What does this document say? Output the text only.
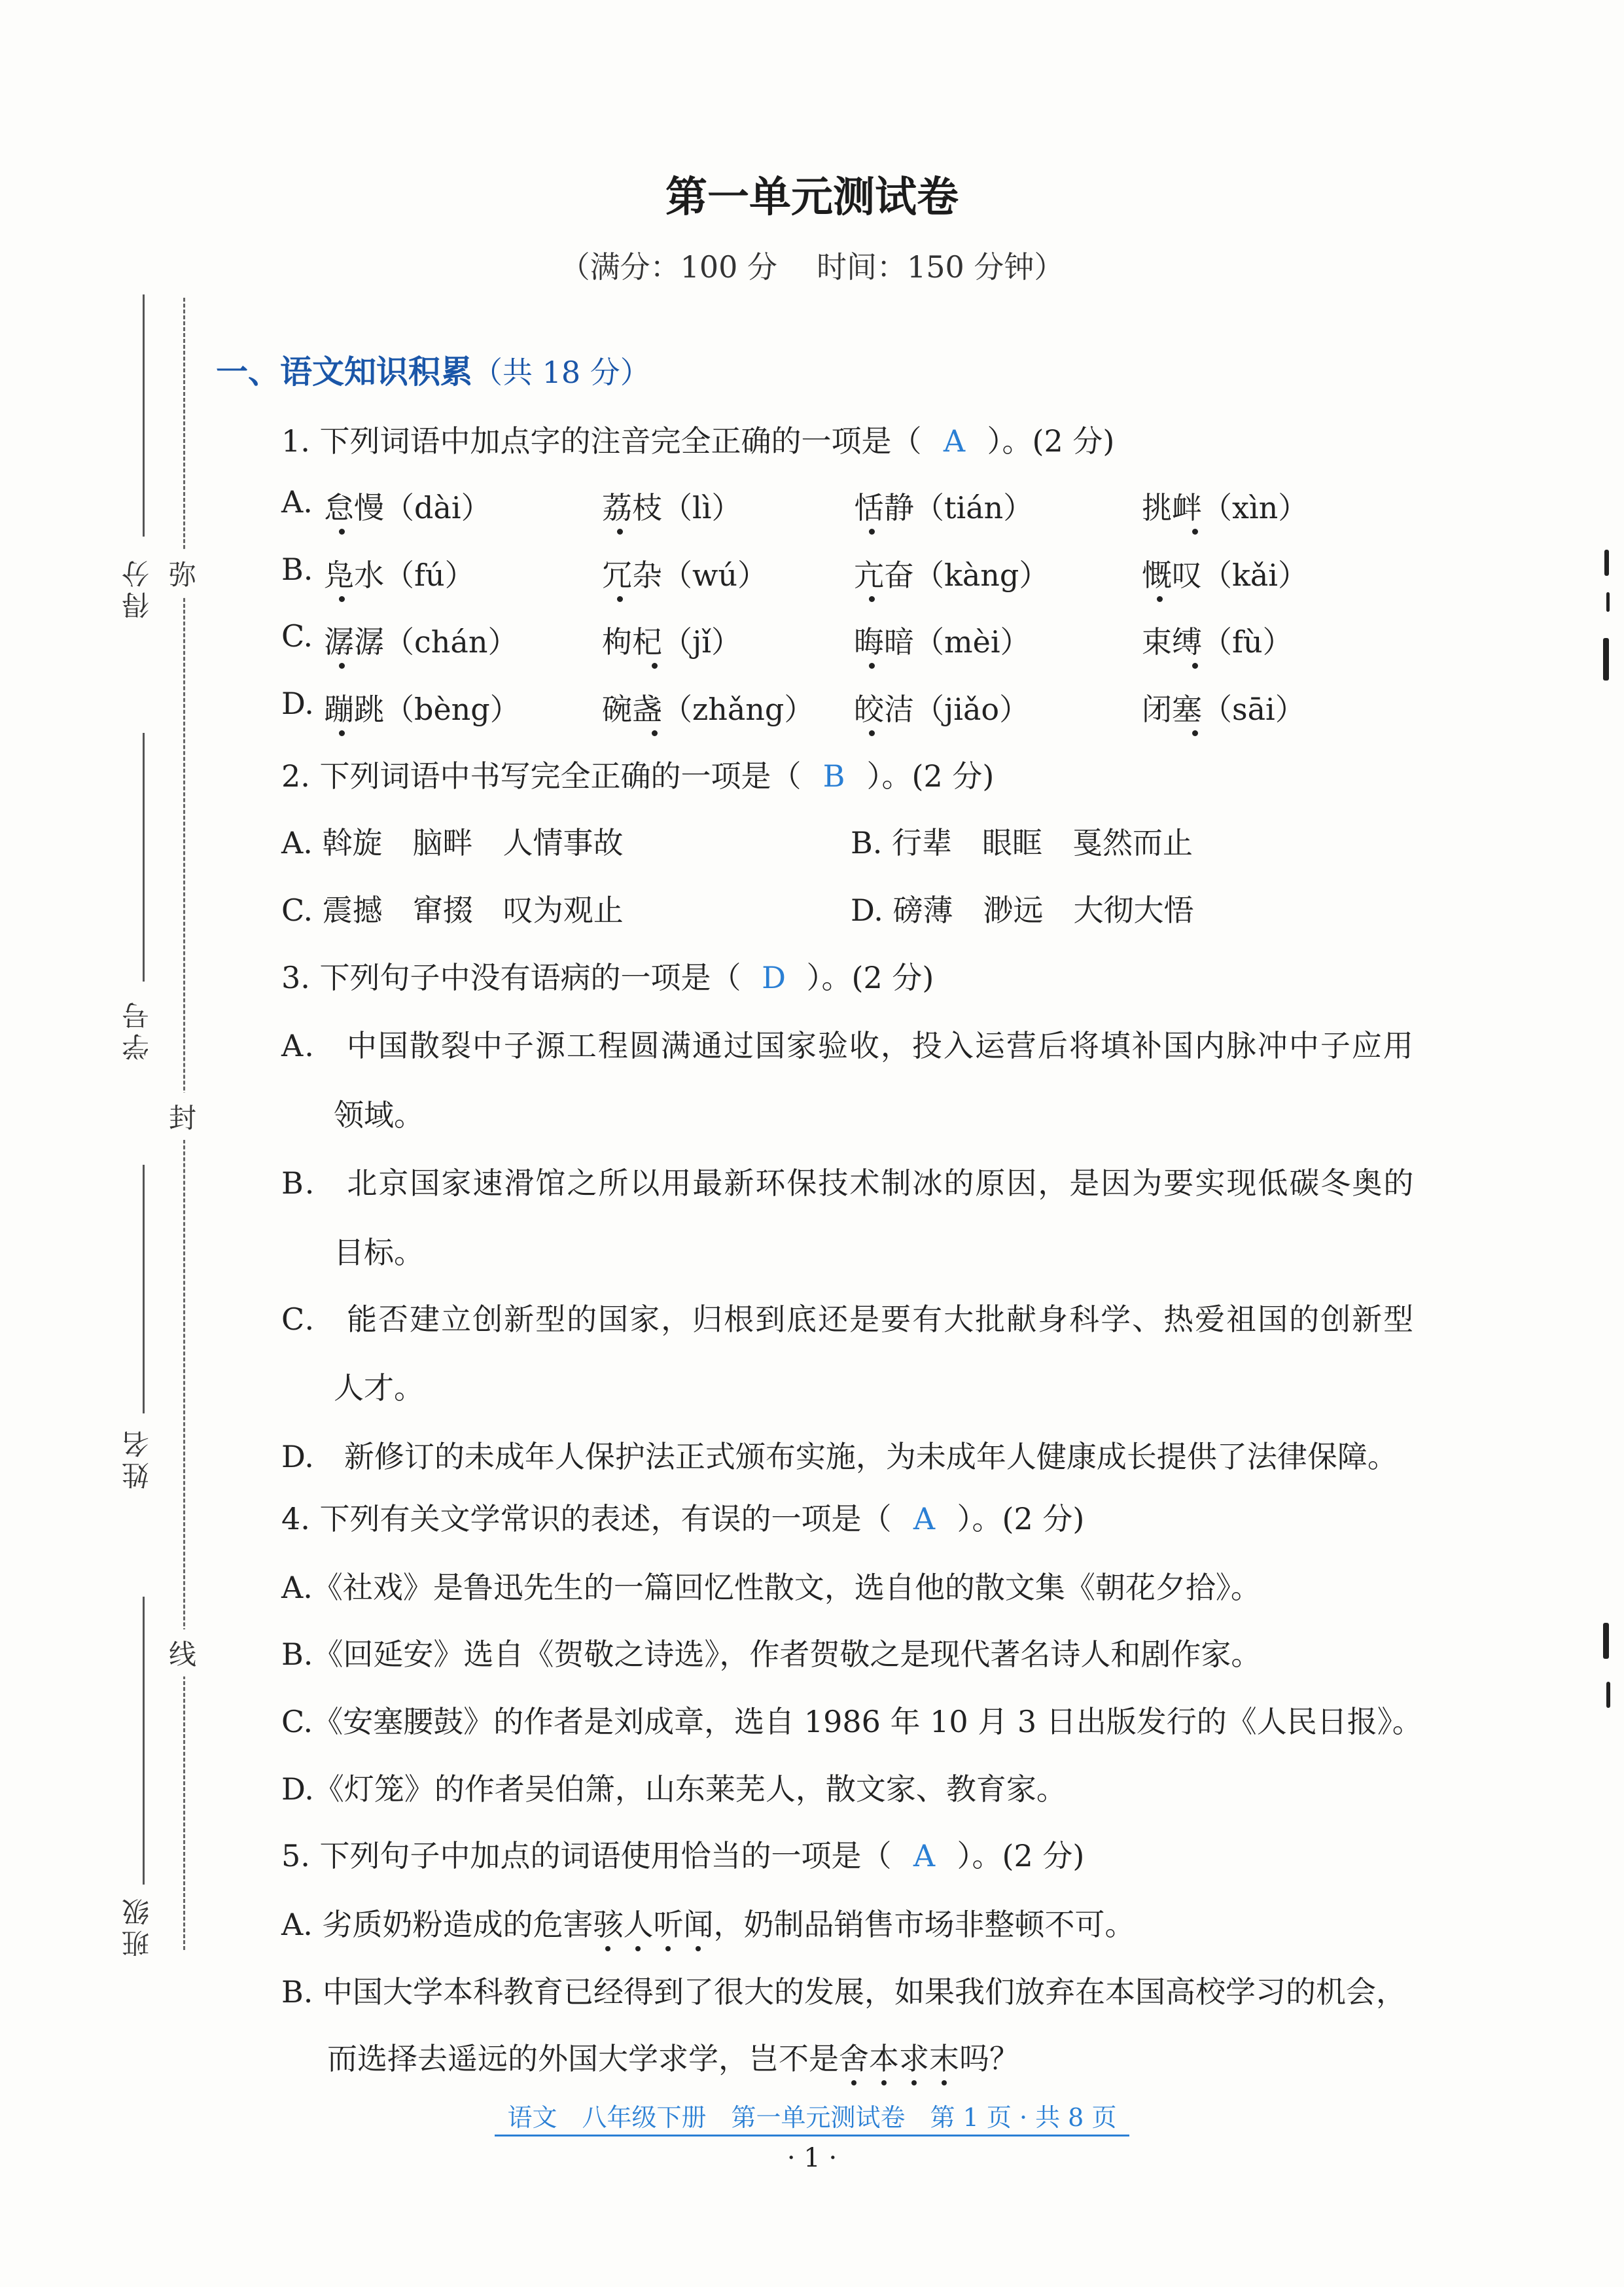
第一单元测试卷
（满分：100 分 时间：150 分钟）
得分
学号
姓名
班级
弥
封
线
一、语文知识积累（共 18 分）
1. 下列词语中加点字的注音完全正确的一项是（ A ）。(2 分)
A. 怠慢（dài）	荔枝（lì）	恬静（tián）	挑衅（xìn）
B. 凫水（fú）	冗杂（wú）	亢奋（kàng）	慨叹（kǎi）
C. 潺潺（chán）	枸杞（jǐ）	晦暗（mèi）	束缚（fù）
D. 蹦跳（bèng）	碗盏（zhǎng） 皎洁（jiǎo）	闭塞（sāi）
2. 下列词语中书写完全正确的一项是（ B ）。(2 分)
A. 斡旋　脑畔　人情事故	B. 行辈　眼眶　戛然而止
C. 震撼　窜掇　叹为观止	D. 磅薄　渺远　大彻大悟
3. 下列句子中没有语病的一项是（ D ）。(2 分)
A.　中国散裂中子源工程圆满通过国家验收，投入运营后将填补国内脉冲中子应用
领域。
B.　北京国家速滑馆之所以用最新环保技术制冰的原因，是因为要实现低碳冬奥的
目标。
C.　能否建立创新型的国家，归根到底还是要有大批献身科学、热爱祖国的创新型
人才。
D.　新修订的未成年人保护法正式颁布实施，为未成年人健康成长提供了法律保障。
4. 下列有关文学常识的表述，有误的一项是（ A ）。(2 分)
A.《社戏》是鲁迅先生的一篇回忆性散文，选自他的散文集《朝花夕拾》。
B.《回延安》选自《贺敬之诗选》，作者贺敬之是现代著名诗人和剧作家。
C.《安塞腰鼓》的作者是刘成章，选自 1986 年 10 月 3 日出版发行的《人民日报》。
D.《灯笼》的作者吴伯箫，山东莱芜人，散文家、教育家。
5. 下列句子中加点的词语使用恰当的一项是（ A ）。(2 分)
A. 劣质奶粉造成的危害骇人听闻，奶制品销售市场非整顿不可。
B. 中国大学本科教育已经得到了很大的发展，如果我们放弃在本国高校学习的机会，
而选择去遥远的外国大学求学，岂不是舍本求末吗？
语文　八年级下册　第一单元测试卷　第 1 页 · 共 8 页
· 1 ·
